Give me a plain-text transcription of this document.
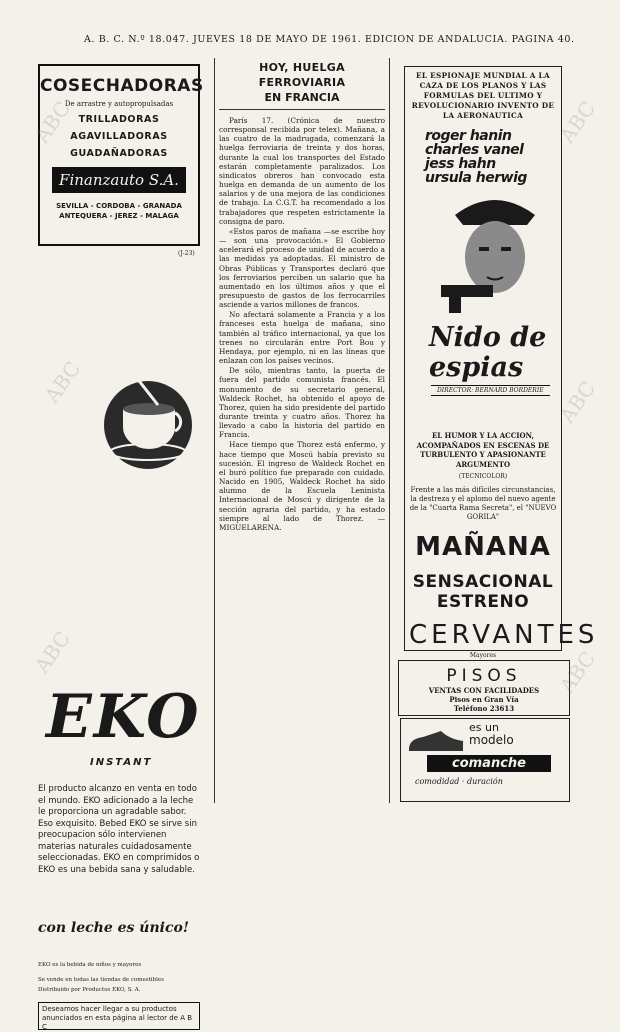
A. B. C. N.º 18.047. JUEVES 18 DE MAYO DE 1961. EDICION DE ANDALUCIA. PAGINA 40.
COSECHADORAS
De arrastre y autopropulsadas
TRILLADORAS
AGAVILLADORAS
GUADAÑADORAS
Finanzauto S.A.
SEVILLA - CORDOBA - GRANADA
ANTEQUERA - JEREZ - MALAGA
(J-23)
EKO
INSTANT
El producto alcanzo en venta en todo el mundo. EKO adicionado a la leche le proporciona un agradable sabor. Eso exquisito. Bebed EKO se sirve sin preocupacion sólo intervienen materias naturales cuidadosamente seleccionadas. EKO en comprimidos o EKO es una bebida sana y saludable.
con leche es único!
EKO es la bebida de niños y mayores
Se vende en todas las tiendas de comestibles
Distribuido por Productos EKO, S. A.
Deseamos hacer llegar a su productos anunciados en esta página al lector de A B C
HOY, HUELGA FERROVIARIA
EN FRANCIA

París 17. (Crónica de nuestro corresponsal recibida por telex). Mañana, a las cuatro de la madrugada, comenzará la huelga ferroviaria de treinta y dos horas, durante la cual los transportes del Estado estarán completamente paralizados. Los sindicatos obreros han convocado esta huelga en demanda de un aumento de los salarios y de una mejora de las condiciones de trabajo. La C.G.T. ha recomendado a los trabajadores que respeten estrictamente la consigna de paro.

«Estos paros de mañana —se escribe hoy— son una provocación.» El Gobierno acelerará el proceso de unidad de acuerdo a las medidas ya adoptadas. El ministro de Obras Públicas y Transportes declaró que los ferroviarios perciben un salario que ha aumentado en los últimos años y que el presupuesto de gastos de los ferrocarriles asciende a varios millones de francos.

No afectará solamente a Francia y a los franceses esta huelga de mañana, sino también al tráfico internacional, ya que los trenes no circularán entre Port Bou y Hendaya, por ejemplo, ni en las líneas que enlazan con los países vecinos.

De sólo, mientras tanto, la puerta de fuera del partido comunista francés. El monumento de su secretario general, Waldeck Rochet, ha obtenido el apoyo de Thorez, quien ha sido presidente del partido durante treinta y cuatro años. Thorez ha llevado a cabo la historia del partido en Francia.

Hace tiempo que Thorez está enfermo, y hace tiempo que Moscú había previsto su sucesión. El ingreso de Waldeck Rochet en el buró político fue preparado con cuidado. Nacido en 1905, Waldeck Rochet ha sido alumno de la Escuela Leninista Internacional de Moscú y dirigente de la sección agraria del partido, y ha estado siempre al lado de Thorez. — MIGUELARENA.

EL ESPIONAJE MUNDIAL A LA CAZA DE LOS PLANOS Y LAS FORMULAS DEL ULTIMO Y REVOLUCIONARIO INVENTO DE LA AERONAUTICA
roger hanin
charles vanel
jess hahn
ursula herwig
Nido de
espias
DIRECTOR: BERNARD BORDERIE
EL HUMOR Y LA ACCION, ACOMPAÑADOS EN ESCENAS DE TURBULENTO Y APASIONANTE ARGUMENTO
(TECNICOLOR)
Frente a las más difíciles circunstancias, la destreza y el aplomo del nuevo agente de la "Cuarta Rama Secreta", el "NUEVO GORILA"
MAÑANA
SENSACIONAL ESTRENO
CERVANTES
Mayores
PISOS
VENTAS CON FACILIDADES
Pisos en Gran Vía
Teléfono 23613
es un
modelo
comanche
comodidad · duración
ABC
ABC
ABC
ABC
ABC
ABC
